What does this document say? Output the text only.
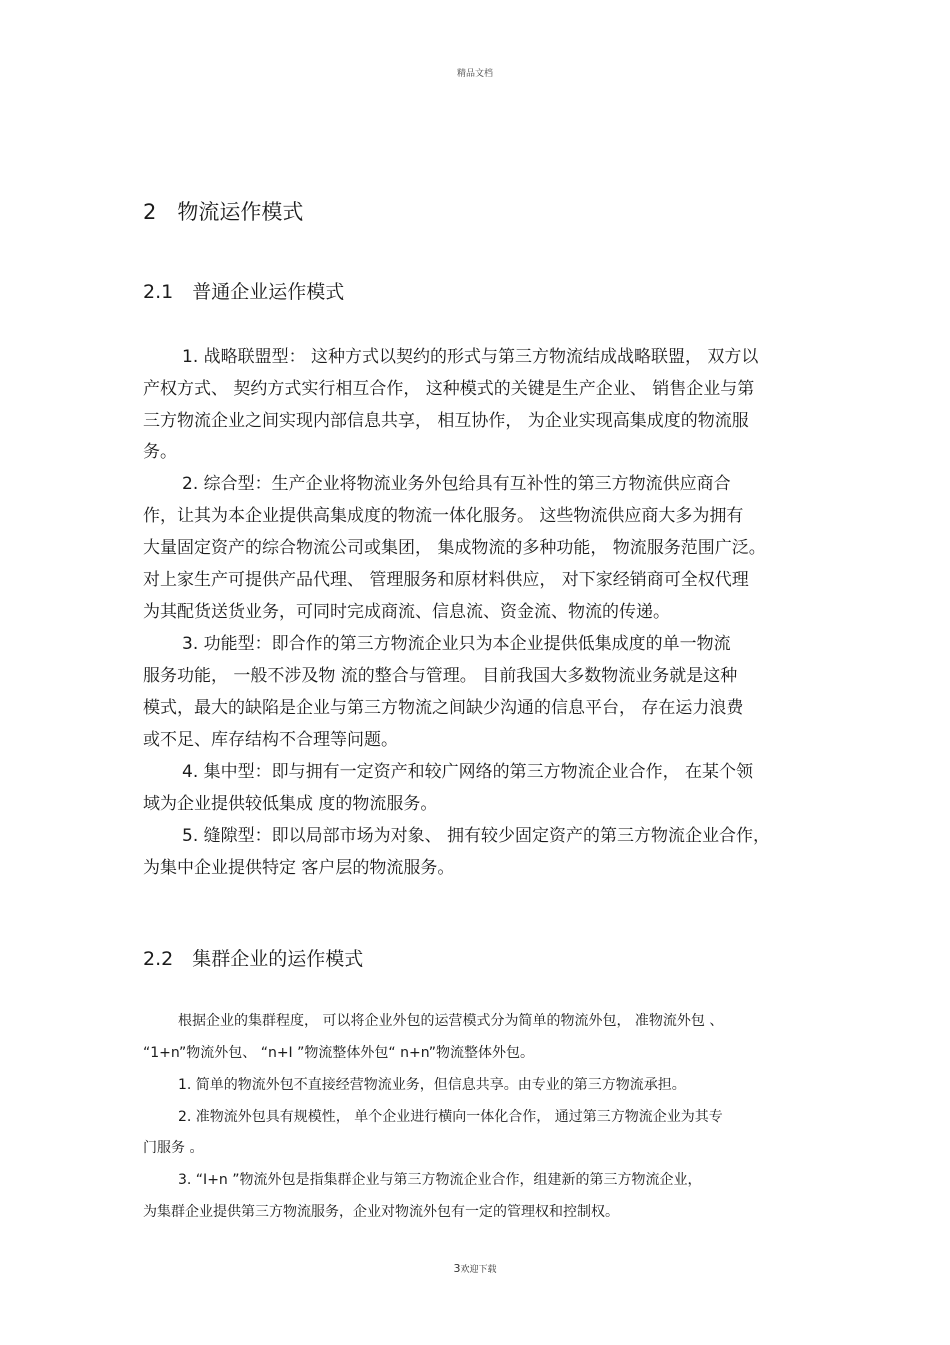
精品文档
2　物流运作模式
2.1　普通企业运作模式
1. 战略联盟型： 这种方式以契约的形式与第三方物流结成战略联盟， 双方以
产权方式、 契约方式实行相互合作， 这种模式的关键是生产企业、 销售企业与第
三方物流企业之间实现内部信息共享， 相互协作， 为企业实现高集成度的物流服
务。
2. 综合型：生产企业将物流业务外包给具有互补性的第三方物流供应商合
作，让其为本企业提供高集成度的物流一体化服务。 这些物流供应商大多为拥有
大量固定资产的综合物流公司或集团， 集成物流的多种功能， 物流服务范围广泛。
对上家生产可提供产品代理、 管理服务和原材料供应， 对下家经销商可全权代理
为其配货送货业务，可同时完成商流、信息流、资金流、物流的传递。
3. 功能型：即合作的第三方物流企业只为本企业提供低集成度的单一物流
服务功能， 一般不涉及物 流的整合与管理。 目前我国大多数物流业务就是这种
模式，最大的缺陷是企业与第三方物流之间缺少沟通的信息平台， 存在运力浪费
或不足、库存结构不合理等问题。
4. 集中型：即与拥有一定资产和较广网络的第三方物流企业合作， 在某个领
域为企业提供较低集成 度的物流服务。
5. 缝隙型：即以局部市场为对象、 拥有较少固定资产的第三方物流企业合作，
为集中企业提供特定 客户层的物流服务。
2.2　集群企业的运作模式
根据企业的集群程度， 可以将企业外包的运营模式分为简单的物流外包， 准物流外包 、
“1+n”物流外包、 “n+I ”物流整体外包“ n+n”物流整体外包。
1. 简单的物流外包不直接经营物流业务，但信息共享。由专业的第三方物流承担。
2. 准物流外包具有规模性， 单个企业进行横向一体化合作， 通过第三方物流企业为其专
门服务 。
3. “I+n ”物流外包是指集群企业与第三方物流企业合作，组建新的第三方物流企业，
为集群企业提供第三方物流服务，企业对物流外包有一定的管理权和控制权。
3欢迎下载
